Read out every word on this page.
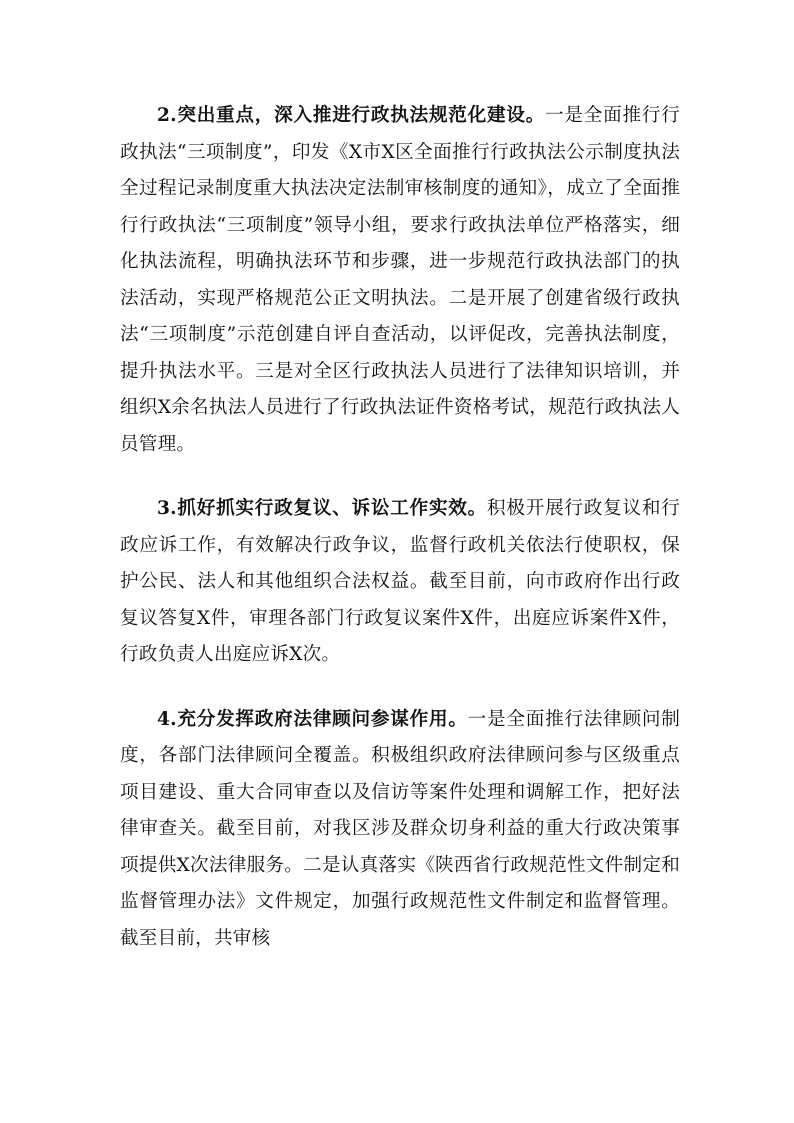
2.突出重点，深入推进行政执法规范化建设。一是全面推行行政执法“三项制度”，印发《X市X区全面推行行政执法公示制度执法全过程记录制度重大执法决定法制审核制度的通知》，成立了全面推行行政执法“三项制度”领导小组，要求行政执法单位严格落实，细化执法流程，明确执法环节和步骤，进一步规范行政执法部门的执法活动，实现严格规范公正文明执法。二是开展了创建省级行政执法“三项制度”示范创建自评自查活动，以评促改，完善执法制度，提升执法水平。三是对全区行政执法人员进行了法律知识培训，并组织X余名执法人员进行了行政执法证件资格考试，规范行政执法人员管理。

3.抓好抓实行政复议、诉讼工作实效。积极开展行政复议和行政应诉工作，有效解决行政争议，监督行政机关依法行使职权，保护公民、法人和其他组织合法权益。截至目前，向市政府作出行政复议答复X件，审理各部门行政复议案件X件，出庭应诉案件X件，行政负责人出庭应诉X次。

4.充分发挥政府法律顾问参谋作用。一是全面推行法律顾问制度，各部门法律顾问全覆盖。积极组织政府法律顾问参与区级重点项目建设、重大合同审查以及信访等案件处理和调解工作，把好法律审查关。截至目前，对我区涉及群众切身利益的重大行政决策事项提供X次法律服务。二是认真落实《陕西省行政规范性文件制定和监督管理办法》文件规定，加强行政规范性文件制定和监督管理。截至目前，共审核
